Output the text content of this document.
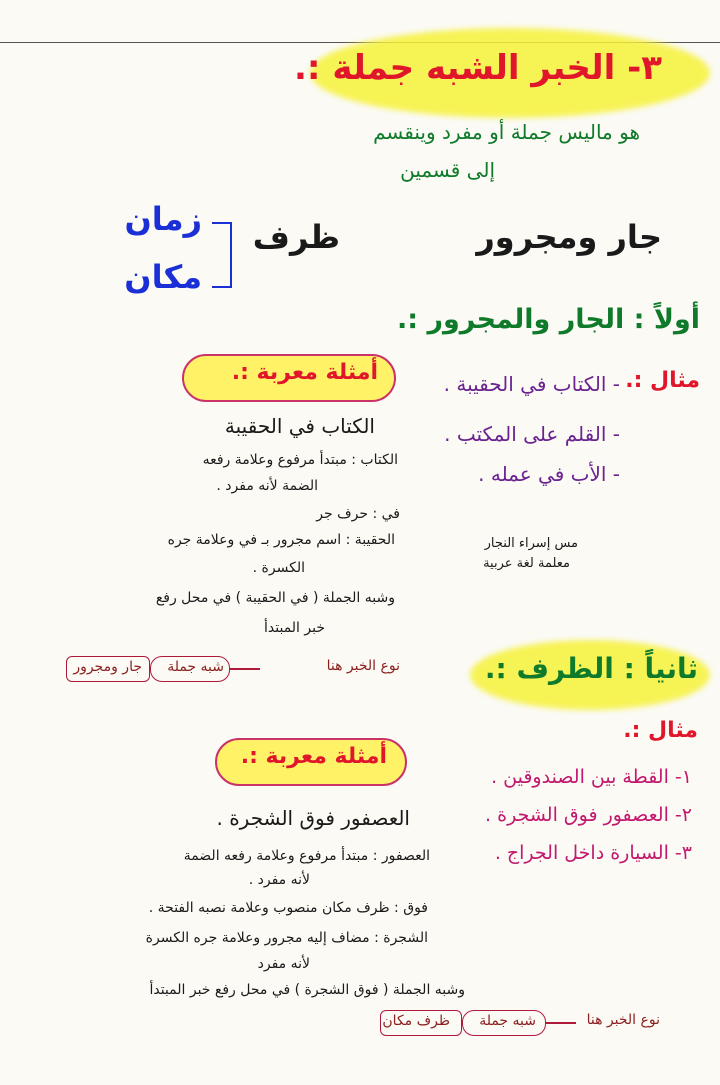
٣- الخبر الشبه جملة :.
هو ماليس جملة أو مفرد وينقسم
إلى قسمين
جار ومجرور
ظرف
زمان
مكان
أولاً : الجار والمجرور :.
أمثلة معربة :.	مثال :.
- الكتاب في الحقيبة .
- القلم على المكتب .
- الأب في عمله .
الكتاب في الحقيبة
الكتاب : مبتدأ مرفوع وعلامة رفعه
الضمة لأنه مفرد .
في : حرف جر
الحقيبة : اسم مجرور بـ في وعلامة جره
الكسرة .
وشبه الجملة ( في الحقيبة ) في محل رفع
خبر المبتدأ
نوع الخبر هنا
شبه جملة
جار ومجرور
مس إسراء النجار
معلمة لغة عربية
ثانياً : الظرف :.
أمثلة معربة :.
مثال :.
١- القطة بين الصندوقين .
٢- العصفور فوق الشجرة .
٣- السيارة داخل الجراج .
العصفور فوق الشجرة .
العصفور : مبتدأ مرفوع وعلامة رفعه الضمة
لأنه مفرد .
فوق : ظرف مكان منصوب وعلامة نصبه الفتحة .
الشجرة : مضاف إليه مجرور وعلامة جره الكسرة
لأنه مفرد
وشبه الجملة ( فوق الشجرة ) في محل رفع خبر المبتدأ
نوع الخبر هنا
شبه جملة
ظرف مكان
